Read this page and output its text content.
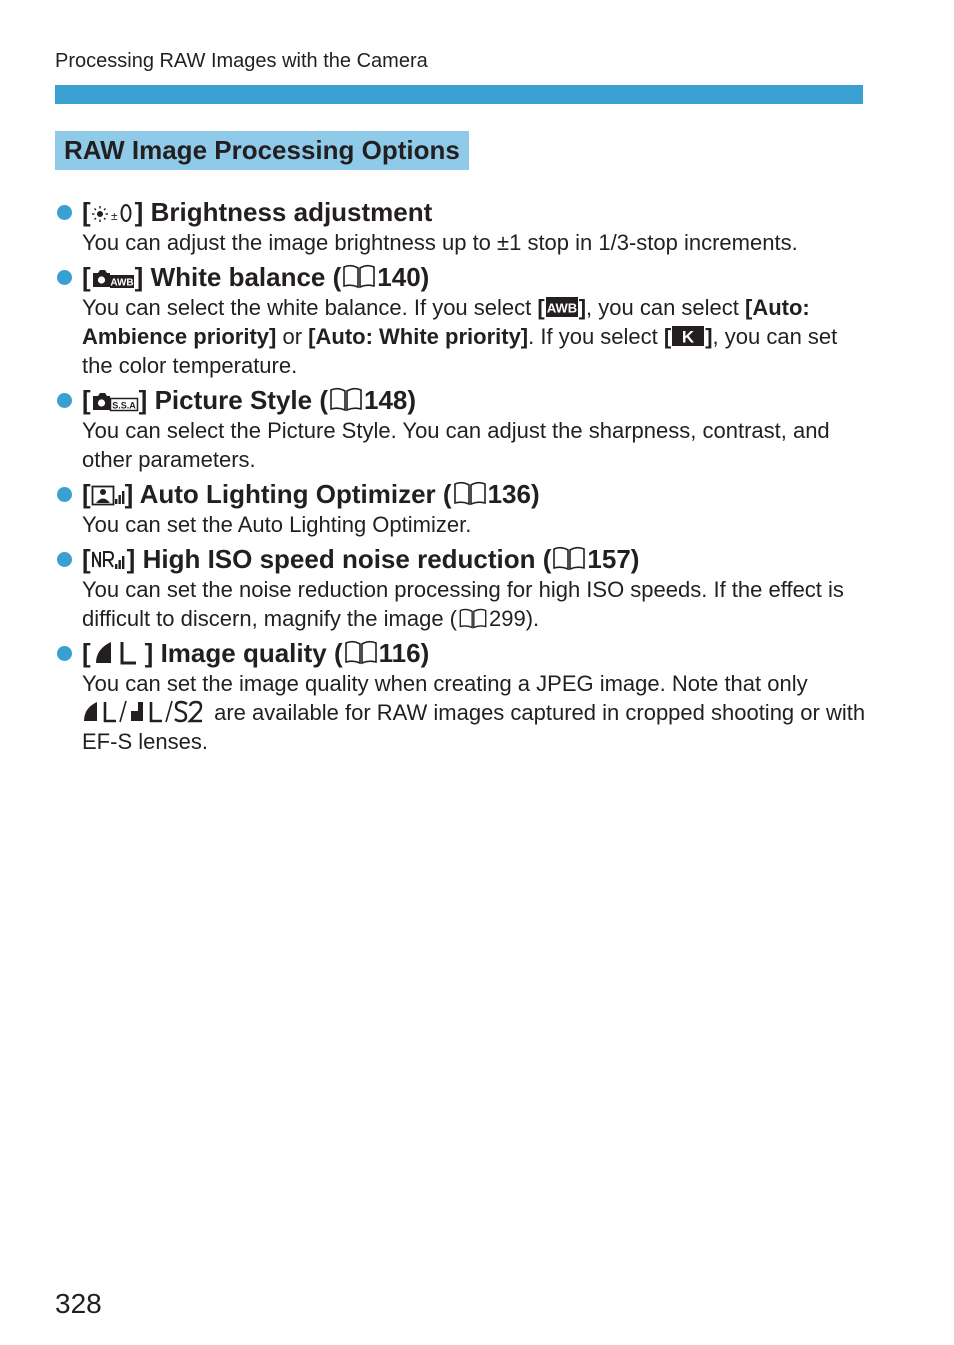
Processing RAW Images with the Camera
RAW Image Processing Options
[ ± ] Brightness adjustment
You can adjust the image brightness up to ±1 stop in 1/3-stop increments.
[ AWB ] White balance ( 140)
You can select the white balance. If you select [ AWB ], you can select [Auto: Ambience priority] or [Auto: White priority]. If you select [ K ], you can set the color temperature.
[ S.S.A ] Picture Style ( 148)
You can select the Picture Style. You can adjust the sharpness, contrast, and other parameters.
[ ] Auto Lighting Optimizer ( 136)
You can set the Auto Lighting Optimizer.
[ ] High ISO speed noise reduction ( 157)
You can set the noise reduction processing for high ISO speeds. If the effect is difficult to discern, magnify the image ( 299).
[ ] Image quality ( 116)
You can set the image quality when creating a JPEG image. Note that only  are available for RAW images captured in cropped shooting or with EF-S lenses.
328
